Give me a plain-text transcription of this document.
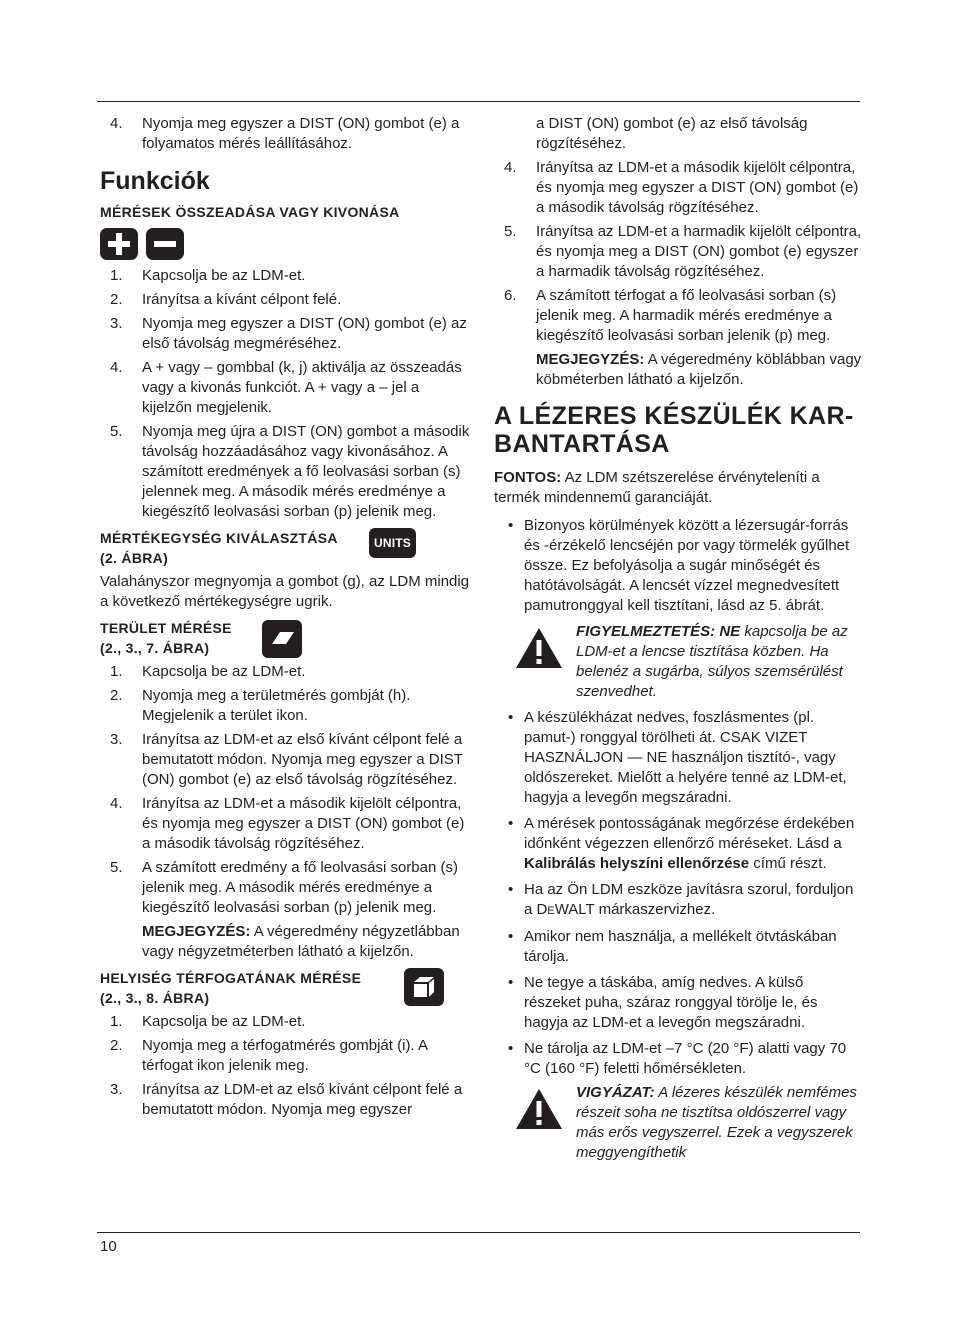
4.	Nyomja meg egyszer a DIST (ON) gombot (e) a folyamatos mérés leállításához.
Funkciók
MÉRÉSEK ÖSSZEADÁSA VAGY KIVONÁSA
1.	Kapcsolja be az LDM-et.
2.	Irányítsa a kívánt célpont felé.
3.	Nyomja meg egyszer a DIST (ON) gombot (e) az első távolság megméréséhez.
4.	A + vagy – gombbal (k, j) aktiválja az összeadás vagy a kivonás funkciót. A + vagy a – jel a kijelzőn megjelenik.
5.	Nyomja meg újra a DIST (ON) gombot a második távolság hozzáadásához vagy kivonásához. A számított eredmények a fő leolvasási sorban (s) jelennek meg. A második mérés eredménye a kiegészítő leolvasási sorban (p) jelenik meg.
MÉRTÉKEGYSÉG KIVÁLASZTÁSA
(2. ÁBRA)
UNITS

Valahányszor megnyomja a gombot (g), az LDM mindig a következő mértékegységre ugrik.

TERÜLET MÉRÉSE
(2., 3., 7. ÁBRA)
1.	Kapcsolja be az LDM-et.
2.	Nyomja meg a területmérés gombját (h). Megjelenik a terület ikon.
3.	Irányítsa az LDM-et az első kívánt célpont felé a bemutatott módon. Nyomja meg egyszer a DIST (ON) gombot (e) az első távolság rögzítéséhez.
4.	Irányítsa az LDM-et a második kijelölt célpontra, és nyomja meg egyszer a DIST (ON) gombot (e) a második távolság rögzítéséhez.
5.	A számított eredmény a fő leolvasási sorban (s) jelenik meg. A második mérés eredménye a kiegészítő leolvasási sorban (p) jelenik meg.
MEGJEGYZÉS: A végeredmény négyzetlábban vagy négyzetméterben látható a kijelzőn.
HELYISÉG TÉRFOGATÁNAK MÉRÉSE
(2., 3., 8. ÁBRA)
1.	Kapcsolja be az LDM-et.
2.	Nyomja meg a térfogatmérés gombját (i). A térfogat ikon jelenik meg.
3.	Irányítsa az LDM-et az első kívánt célpont felé a bemutatott módon. Nyomja meg egyszer
a DIST (ON) gombot (e) az első távolság rögzítéséhez.
4.	Irányítsa az LDM-et a második kijelölt célpontra, és nyomja meg egyszer a DIST (ON) gombot (e) a második távolság rögzítéséhez.
5.	Irányítsa az LDM-et a harmadik kijelölt célpontra, és nyomja meg a DIST (ON) gombot (e) egyszer a harmadik távolság rögzítéséhez.
6.	A számított térfogat a fő leolvasási sorban (s) jelenik meg. A harmadik mérés eredménye a kiegészítő leolvasási sorban jelenik (p) meg.
MEGJEGYZÉS: A végeredmény köblábban vagy köbméterben látható a kijelzőn.
A LÉZERES KÉSZÜLÉK KAR-
BANTARTÁSA

FONTOS: Az LDM szétszerelése érvényteleníti a termék mindennemű garanciáját.

• Bizonyos körülmények között a lézersugár-forrás és -érzékelő lencséjén por vagy törmelék gyűlhet össze. Ez befolyásolja a sugár minőségét és hatótávolságát. A lencsét vízzel megnedvesített pamutronggyal kell tisztítani, lásd az 5. ábrát.
FIGYELMEZTETÉS: NE kapcsolja be az LDM-et a lencse tisztítása közben. Ha belenéz a sugárba, súlyos szemsérülést szenvedhet.
• A készülékházat nedves, foszlásmentes (pl. pamut-) ronggyal törölheti át. CSAK VIZET HASZNÁLJON — NE használjon tisztító-, vagy oldószereket. Mielőtt a helyére tenné az LDM-et, hagyja a levegőn megszáradni.
• A mérések pontosságának megőrzése érdekében időnként végezzen ellenőrző méréseket. Lásd a Kalibrálás helyszíni ellenőrzése című részt.
• Ha az Ön LDM eszköze javításra szorul, forduljon a DEWALT márkaszervizhez.
• Amikor nem használja, a mellékelt ötvtáskában tárolja.
• Ne tegye a táskába, amíg nedves. A külső részeket puha, száraz ronggyal törölje le, és hagyja az LDM-et a levegőn megszáradni.
• Ne tárolja az LDM-et –7 °C (20 °F) alatti vagy 70 °C (160 °F) feletti hőmérsékleten.
VIGYÁZAT: A lézeres készülék nemfémes részeit soha ne tisztítsa oldószerrel vagy más erős vegyszerrel. Ezek a vegyszerek meggyengíthetik
10
